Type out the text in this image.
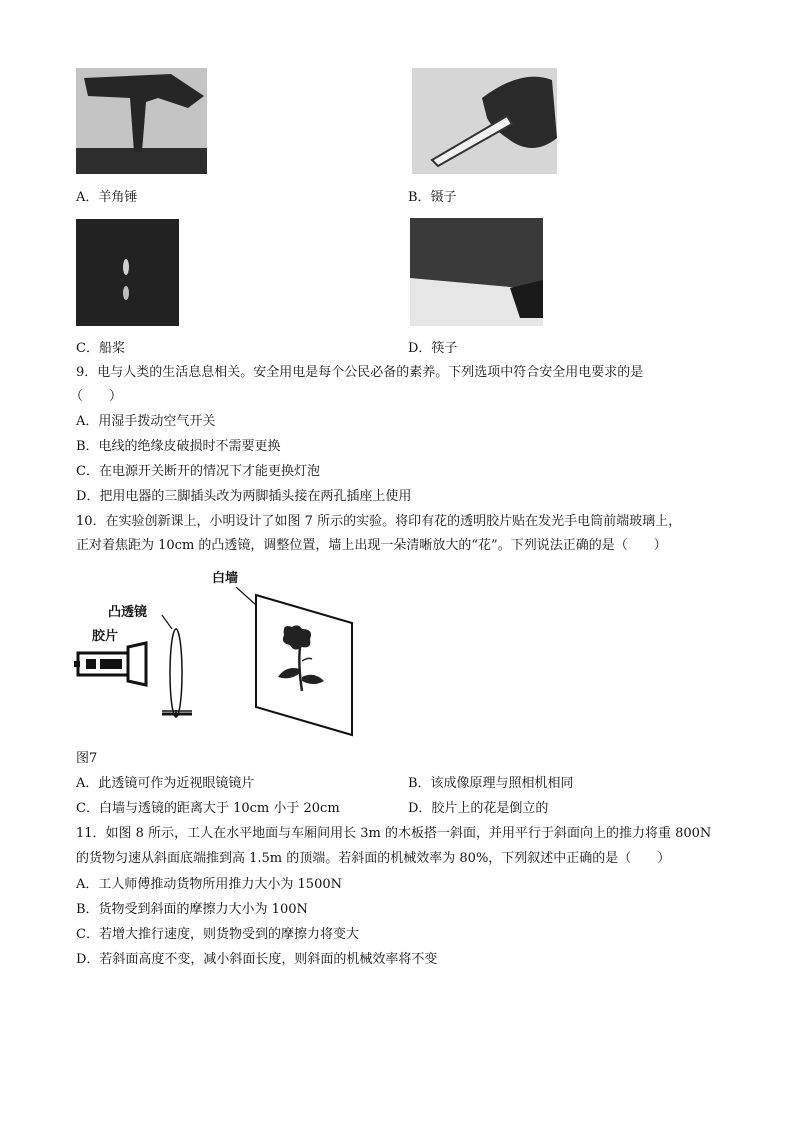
A．羊角锤	B．镊子
C．船桨	D．筷子
9．电与人类的生活息息相关。安全用电是每个公民必备的素养。下列选项中符合安全用电要求的是
（　　）
A．用湿手拨动空气开关
B．电线的绝缘皮破损时不需要更换
C．在电源开关断开的情况下才能更换灯泡
D．把用电器的三脚插头改为两脚插头接在两孔插座上使用
10．在实验创新课上，小明设计了如图 7 所示的实验。将印有花的透明胶片贴在发光手电筒前端玻璃上，
正对着焦距为 10cm 的凸透镜，调整位置，墙上出现一朵清晰放大的“花”。下列说法正确的是（　　）
白墙
凸透镜
胶片
图7
A．此透镜可作为近视眼镜镜片	B．该成像原理与照相机相同
C．白墙与透镜的距离大于 10cm 小于 20cm	D．胶片上的花是倒立的
11．如图 8 所示，工人在水平地面与车厢间用长 3m 的木板搭一斜面，并用平行于斜面向上的推力将重 800N
的货物匀速从斜面底端推到高 1.5m 的顶端。若斜面的机械效率为 80%，下列叙述中正确的是（　　）
A．工人师傅推动货物所用推力大小为 1500N
B．货物受到斜面的摩擦力大小为 100N
C．若增大推行速度，则货物受到的摩擦力将变大
D．若斜面高度不变，减小斜面长度，则斜面的机械效率将不变
